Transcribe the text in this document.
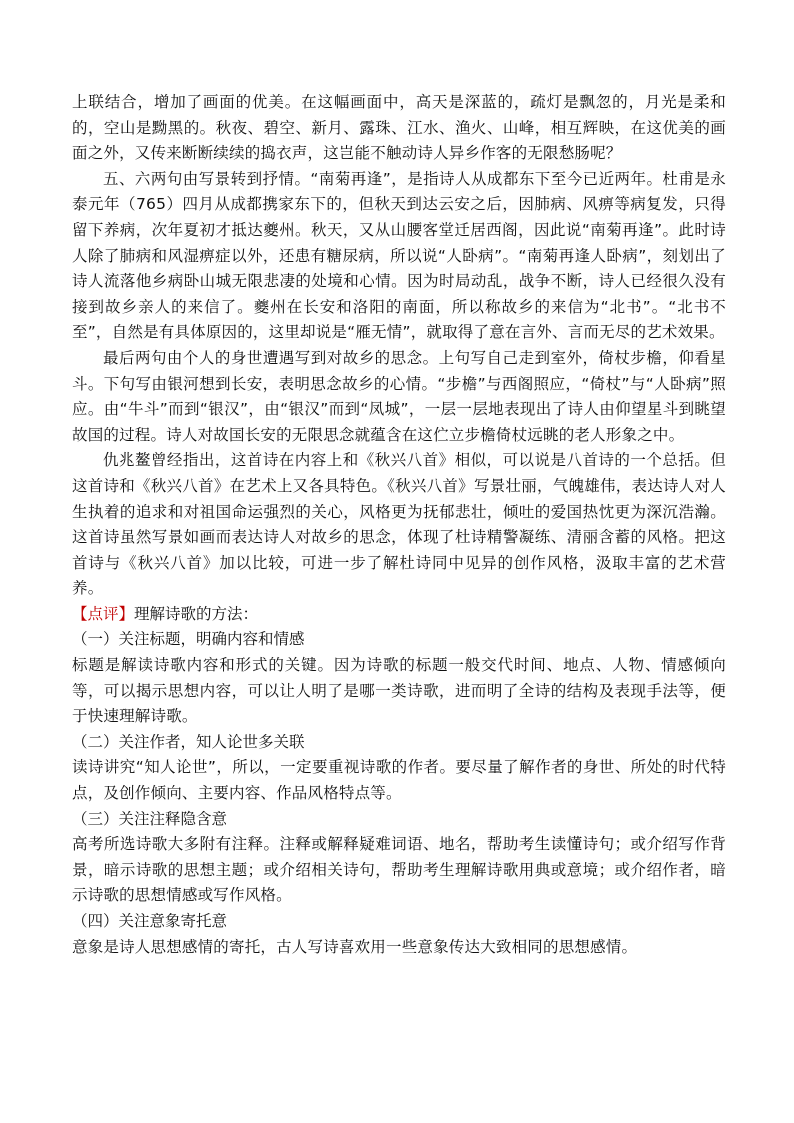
上联结合，增加了画面的优美。在这幅画面中，高天是深蓝的，疏灯是飘忽的，月光是柔和的，空山是黝黑的。秋夜、碧空、新月、露珠、江水、渔火、山峰，相互辉映，在这优美的画面之外，又传来断断续续的捣衣声，这岂能不触动诗人异乡作客的无限愁肠呢？

五、六两句由写景转到抒情。“南菊再逢”，是指诗人从成都东下至今已近两年。杜甫是永泰元年（765）四月从成都携家东下的，但秋天到达云安之后，因肺病、风痹等病复发，只得留下养病，次年夏初才抵达夔州。秋天，又从山腰客堂迁居西阁，因此说“南菊再逢”。此时诗人除了肺病和风湿痹症以外，还患有糖尿病，所以说“人卧病”。“南菊再逢人卧病”，刻划出了诗人流落他乡病卧山城无限悲凄的处境和心情。因为时局动乱，战争不断，诗人已经很久没有接到故乡亲人的来信了。夔州在长安和洛阳的南面，所以称故乡的来信为“北书”。“北书不至”，自然是有具体原因的，这里却说是“雁无情”，就取得了意在言外、言而无尽的艺术效果。

最后两句由个人的身世遭遇写到对故乡的思念。上句写自己走到室外，倚杖步檐，仰看星斗。下句写由银河想到长安，表明思念故乡的心情。“步檐”与西阁照应，“倚杖”与“人卧病”照应。由“牛斗”而到“银汉”，由“银汉”而到“凤城”，一层一层地表现出了诗人由仰望星斗到眺望故国的过程。诗人对故国长安的无限思念就蕴含在这伫立步檐倚杖远眺的老人形象之中。

仇兆鳌曾经指出，这首诗在内容上和《秋兴八首》相似，可以说是八首诗的一个总括。但这首诗和《秋兴八首》在艺术上又各具特色。《秋兴八首》写景壮丽，气魄雄伟，表达诗人对人生执着的追求和对祖国命运强烈的关心，风格更为抚郁悲壮，倾吐的爱国热忱更为深沉浩瀚。这首诗虽然写景如画而表达诗人对故乡的思念，体现了杜诗精警凝练、清丽含蓄的风格。把这首诗与《秋兴八首》加以比较，可进一步了解杜诗同中见异的创作风格，汲取丰富的艺术营养。

【点评】理解诗歌的方法：

（一）关注标题，明确内容和情感

标题是解读诗歌内容和形式的关键。因为诗歌的标题一般交代时间、地点、人物、情感倾向等，可以揭示思想内容，可以让人明了是哪一类诗歌，进而明了全诗的结构及表现手法等，便于快速理解诗歌。

（二）关注作者，知人论世多关联

读诗讲究“知人论世”，所以，一定要重视诗歌的作者。要尽量了解作者的身世、所处的时代特点，及创作倾向、主要内容、作品风格特点等。

（三）关注注释隐含意

高考所选诗歌大多附有注释。注释或解释疑难词语、地名，帮助考生读懂诗句；或介绍写作背景，暗示诗歌的思想主题；或介绍相关诗句，帮助考生理解诗歌用典或意境；或介绍作者，暗示诗歌的思想情感或写作风格。

（四）关注意象寄托意

意象是诗人思想感情的寄托，古人写诗喜欢用一些意象传达大致相同的思想感情。
